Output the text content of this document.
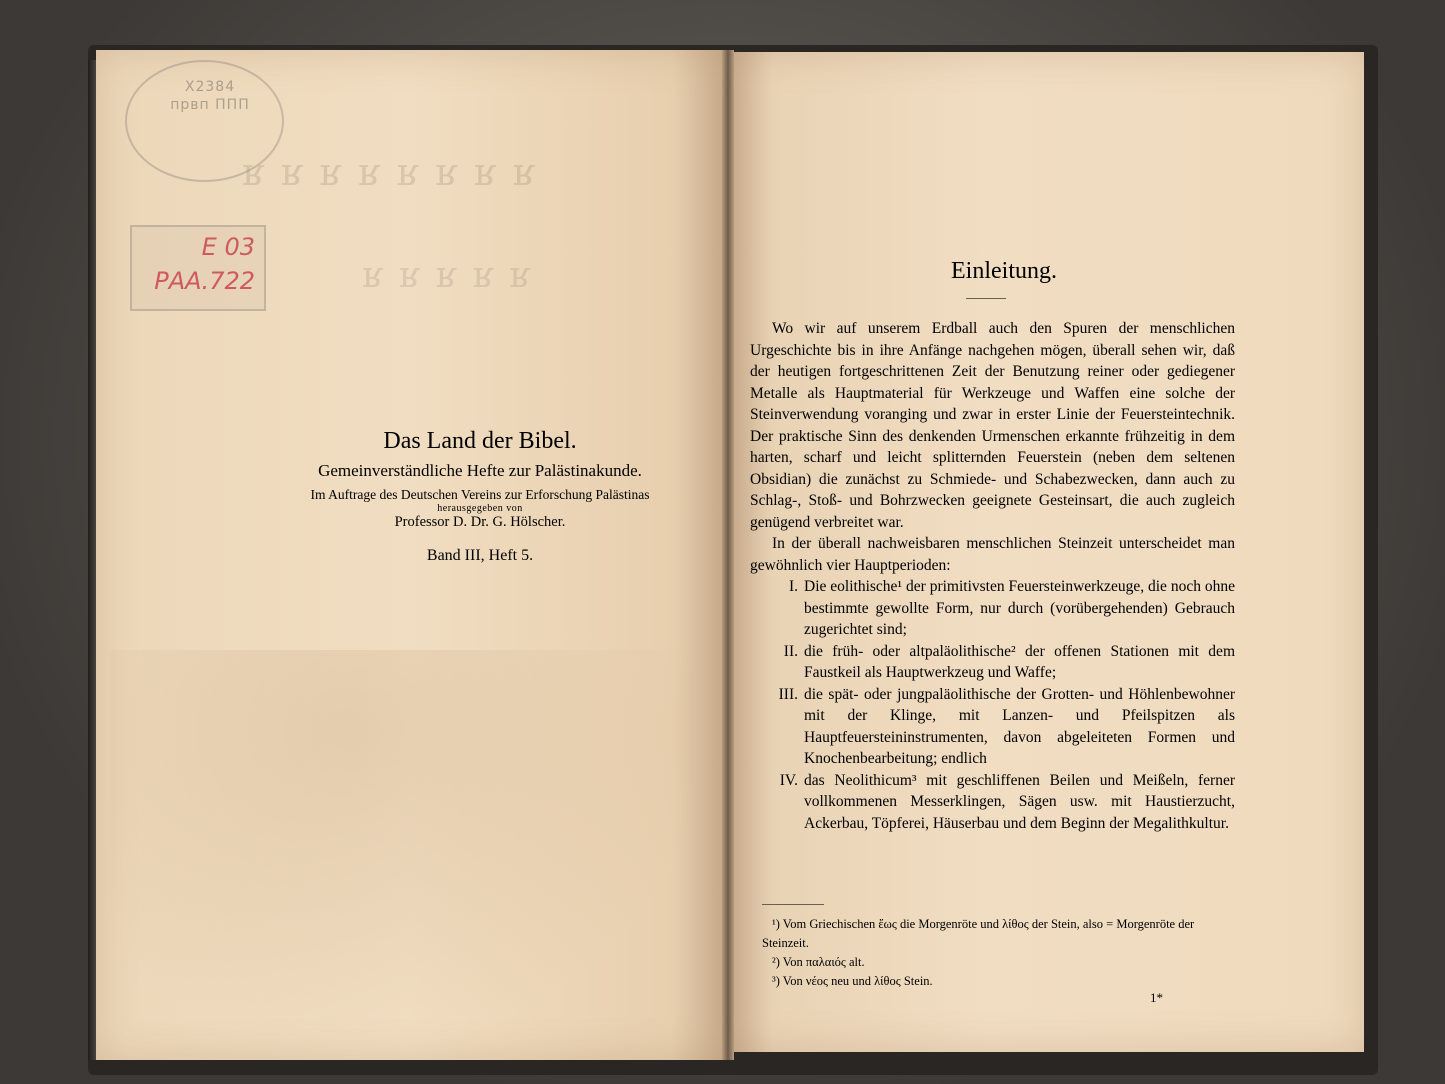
ᴚ ᴚ ᴚ ᴚ ᴚ ᴚ ᴚ ᴚ
ᴚ ᴚ ᴚ ᴚ ᴚ
Х2384
првп ППП
Е 03
РАА.722
Das Land der Bibel.

Gemeinverständliche Hefte zur Palästinakunde.

Im Auftrage des Deutschen Vereins zur Erforschung Palästinas

herausgegeben von

Professor D. Dr. G. Hölscher.

Band III, Heft 5.

Einleitung.

Wo wir auf unserem Erdball auch den Spuren der menschlichen Urgeschichte bis in ihre Anfänge nachgehen mögen, überall sehen wir, daß der heutigen fortgeschrittenen Zeit der Benutzung reiner oder gediegener Metalle als Hauptmaterial für Werkzeuge und Waffen eine solche der Steinverwendung voranging und zwar in erster Linie der Feuersteintechnik. Der praktische Sinn des denkenden Urmenschen erkannte frühzeitig in dem harten, scharf und leicht splitternden Feuerstein (neben dem seltenen Obsidian) die zunächst zu Schmiede- und Schabezwecken, dann auch zu Schlag-, Stoß- und Bohrzwecken geeignete Gesteinsart, die auch zugleich genügend verbreitet war.

In der überall nachweisbaren menschlichen Steinzeit unterscheidet man gewöhnlich vier Hauptperioden:

I. Die eolithische¹ der primitivsten Feuersteinwerkzeuge, die noch ohne bestimmte gewollte Form, nur durch (vorübergehenden) Gebrauch zugerichtet sind;
II. die früh- oder altpaläolithische² der offenen Stationen mit dem Faustkeil als Hauptwerkzeug und Waffe;
III. die spät- oder jungpaläolithische der Grotten- und Höhlenbewohner mit der Klinge, mit Lanzen- und Pfeilspitzen als Hauptfeuersteininstrumenten, davon abgeleiteten Formen und Knochenbearbeitung; endlich
IV. das Neolithicum³ mit geschliffenen Beilen und Meißeln, ferner vollkommenen Messerklingen, Sägen usw. mit Haustierzucht, Ackerbau, Töpferei, Häuserbau und dem Beginn der Megalithkultur.

¹) Vom Griechischen ἕως die Morgenröte und λίθος der Stein, also = Morgenröte der Steinzeit.

²) Von παλαιός alt.

³) Von νέος neu und λίθος Stein.

1*
